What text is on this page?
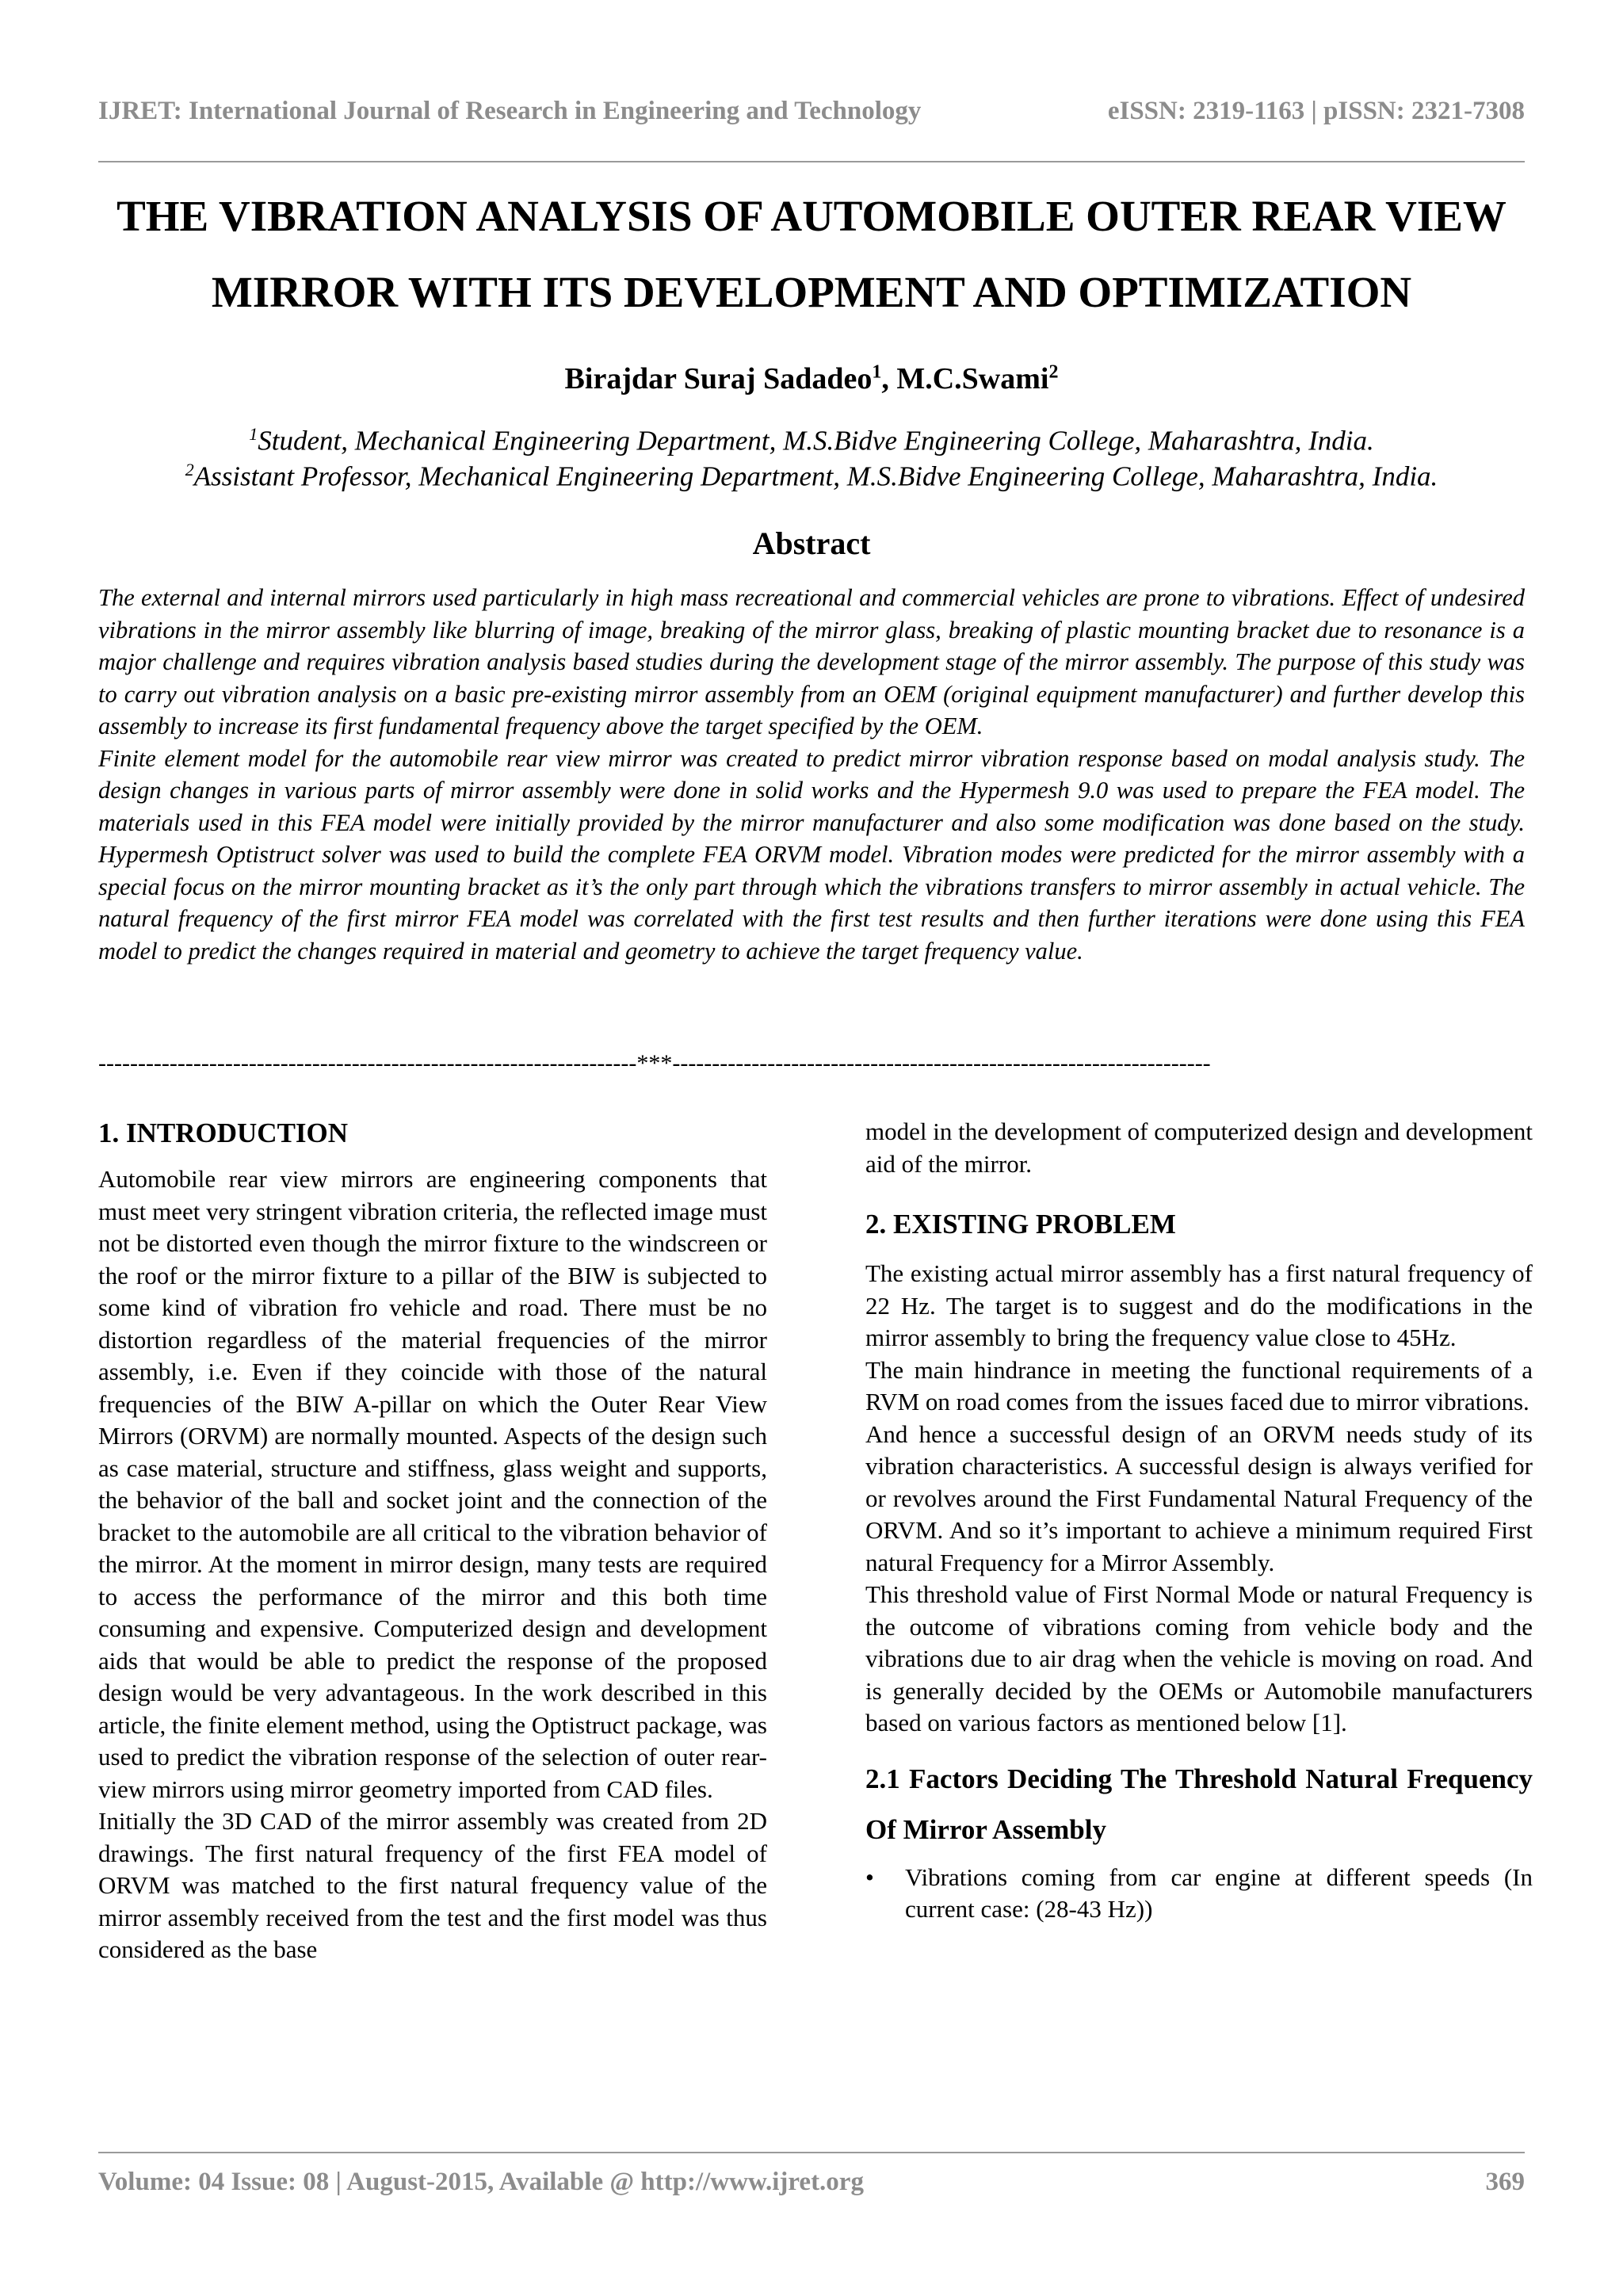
IJRET: International Journal of Research in Engineering and Technology	eISSN: 2319-1163 | pISSN: 2321-7308
THE VIBRATION ANALYSIS OF AUTOMOBILE OUTER REAR VIEW
MIRROR WITH ITS DEVELOPMENT AND OPTIMIZATION
Birajdar Suraj Sadadeo$^1$, M.C.Swami$^2$
$^1$Student, Mechanical Engineering Department, M.S.Bidve Engineering College, Maharashtra, India.
$^2$Assistant Professor, Mechanical Engineering Department, M.S.Bidve Engineering College, Maharashtra, India.
Abstract

The external and internal mirrors used particularly in high mass recreational and commercial vehicles are prone to vibrations. Effect of undesired vibrations in the mirror assembly like blurring of image, breaking of the mirror glass, breaking of plastic mounting bracket due to resonance is a major challenge and requires vibration analysis based studies during the development stage of the mirror assembly. The purpose of this study was to carry out vibration analysis on a basic pre-existing mirror assembly from an OEM (original equipment manufacturer) and further develop this assembly to increase its first fundamental frequency above the target specified by the OEM.

Finite element model for the automobile rear view mirror was created to predict mirror vibration response based on modal analysis study. The design changes in various parts of mirror assembly were done in solid works and the Hypermesh 9.0 was used to prepare the FEA model. The materials used in this FEA model were initially provided by the mirror manufacturer and also some modification was done based on the study. Hypermesh Optistruct solver was used to build the complete FEA ORVM model. Vibration modes were predicted for the mirror assembly with a special focus on the mirror mounting bracket as it’s the only part through which the vibrations transfers to mirror assembly in actual vehicle. The natural frequency of the first mirror FEA model was correlated with the first test results and then further iterations were done using this FEA model to predict the changes required in material and geometry to achieve the target frequency value.

--------------------------------------------------------------------***--------------------------------------------------------------------
1. INTRODUCTION

Automobile rear view mirrors are engineering components that must meet very stringent vibration criteria, the reflected image must not be distorted even though the mirror fixture to the windscreen or the roof or the mirror fixture to a pillar of the BIW is subjected to some kind of vibration fro vehicle and road. There must be no distortion regardless of the material frequencies of the mirror assembly, i.e. Even if they coincide with those of the natural frequencies of the BIW A-pillar on which the Outer Rear View Mirrors (ORVM) are normally mounted. Aspects of the design such as case material, structure and stiffness, glass weight and supports, the behavior of the ball and socket joint and the connection of the bracket to the automobile are all critical to the vibration behavior of the mirror. At the moment in mirror design, many tests are required to access the performance of the mirror and this both time consuming and expensive. Computerized design and development aids that would be able to predict the response of the proposed design would be very advantageous. In the work described in this article, the finite element method, using the Optistruct package, was used to predict the vibration response of the selection of outer rear-view mirrors using mirror geometry imported from CAD files.

Initially the 3D CAD of the mirror assembly was created from 2D drawings. The first natural frequency of the first FEA model of ORVM was matched to the first natural frequency value of the mirror assembly received from the test and the first model was thus considered as the base

model in the development of computerized design and development aid of the mirror.

2. EXISTING PROBLEM

The existing actual mirror assembly has a first natural frequency of 22 Hz. The target is to suggest and do the modifications in the mirror assembly to bring the frequency value close to 45Hz.

The main hindrance in meeting the functional requirements of a RVM on road comes from the issues faced due to mirror vibrations.

And hence a successful design of an ORVM needs study of its vibration characteristics. A successful design is always verified for or revolves around the First Fundamental Natural Frequency of the ORVM. And so it’s important to achieve a minimum required First natural Frequency for a Mirror Assembly.

This threshold value of First Normal Mode or natural Frequency is the outcome of vibrations coming from vehicle body and the vibrations due to air drag when the vehicle is moving on road. And is generally decided by the OEMs or Automobile manufacturers based on various factors as mentioned below [1].

2.1 Factors Deciding The Threshold Natural Frequency Of Mirror Assembly
• Vibrations coming from car engine at different speeds (In current case: (28-43 Hz))
Volume: 04 Issue: 08 | August-2015, Available @ http://www.ijret.org	369
